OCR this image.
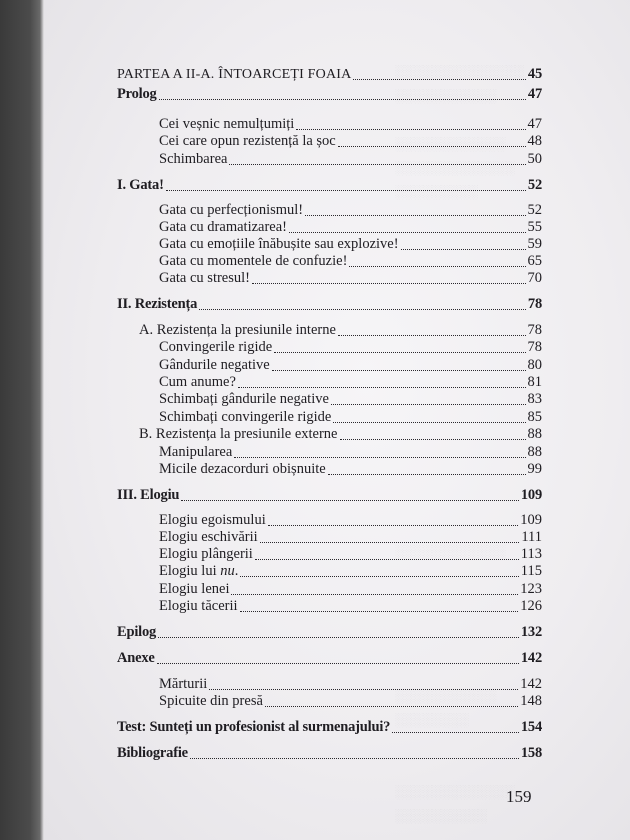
PARTEA A II-A. ÎNTOARCEȚI FOAIA	45
Prolog	47
Cei veșnic nemulțumiți	47
Cei care opun rezistență la șoc	48
Schimbarea	50
I. Gata!	52
Gata cu perfecționismul!	52
Gata cu dramatizarea!	55
Gata cu emoțiile înăbușite sau explozive!	59
Gata cu momentele de confuzie!	65
Gata cu stresul!	70
II. Rezistența	78
A. Rezistența la presiunile interne	78
Convingerile rigide	78
Gândurile negative	80
Cum anume?	81
Schimbați gândurile negative	83
Schimbați convingerile rigide	85
B. Rezistența la presiunile externe	88
Manipularea	88
Micile dezacorduri obișnuite	99
III. Elogiu	109
Elogiu egoismului	109
Elogiu eschivării	111
Elogiu plângerii	113
Elogiu lui nu.	115
Elogiu lenei	123
Elogiu tăcerii	126
Epilog	132
Anexe	142
Mărturii	142
Spicuite din presă	148
Test: Sunteți un profesionist al surmenajului?	154
Bibliografie	158
159
